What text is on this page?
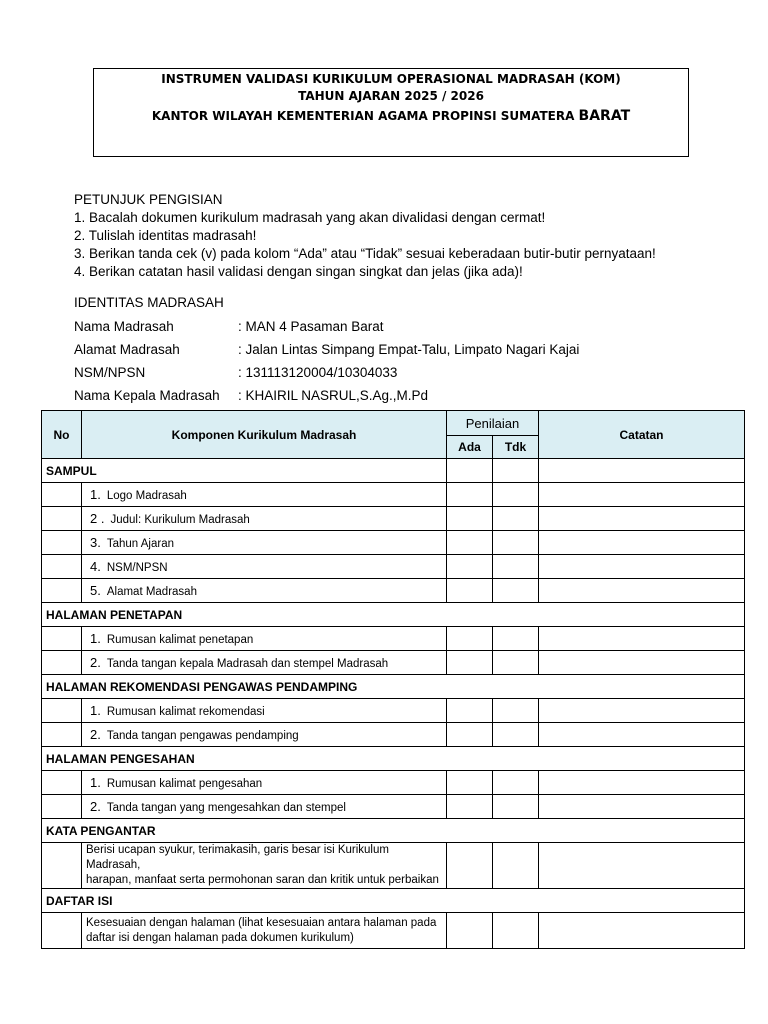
INSTRUMEN VALIDASI KURIKULUM OPERASIONAL MADRASAH (KOM)
TAHUN AJARAN 2025 / 2026
KANTOR WILAYAH KEMENTERIAN AGAMA PROPINSI SUMATERA BARAT
PETUNJUK PENGISIAN
1. Bacalah dokumen kurikulum madrasah yang akan divalidasi dengan cermat!
2. Tulislah identitas madrasah!
3. Berikan tanda cek (v) pada kolom “Ada” atau “Tidak” sesuai keberadaan butir-butir pernyataan!
4. Berikan catatan hasil validasi dengan singan singkat dan jelas (jika ada)!
IDENTITAS MADRASAH
Nama Madrasah	: MAN 4 Pasaman Barat
Alamat Madrasah	: Jalan Lintas Simpang Empat-Talu, Limpato Nagari Kajai
NSM/NPSN	: 131113120004/10304033
Nama Kepala Madrasah	: KHAIRIL NASRUL,S.Ag.,M.Pd
No	Komponen Kurikulum Madrasah	Penilaian		Catatan
		Ada	Tdk	
SAMPUL				
	1. Logo Madrasah			
	2 . Judul: Kurikulum Madrasah			
	3. Tahun Ajaran			
	4. NSM/NPSN			
	5. Alamat Madrasah			
HALAMAN PENETAPAN				
	1. Rumusan kalimat penetapan			
	2. Tanda tangan kepala Madrasah dan stempel Madrasah			
HALAMAN REKOMENDASI PENGAWAS PENDAMPING				
	1. Rumusan kalimat rekomendasi			
	2. Tanda tangan pengawas pendamping			
HALAMAN PENGESAHAN				
	1. Rumusan kalimat pengesahan			
	2. Tanda tangan yang mengesahkan dan stempel			
KATA PENGANTAR				

	Berisi ucapan syukur, terimakasih, garis besar isi Kurikulum Madrasah,
harapan, manfaat serta permohonan saran dan kritik untuk perbaikan			

DAFTAR ISI				

	Kesesuaian dengan halaman (lihat kesesuaian antara halaman pada
daftar isi dengan halaman pada dokumen kurikulum)			
